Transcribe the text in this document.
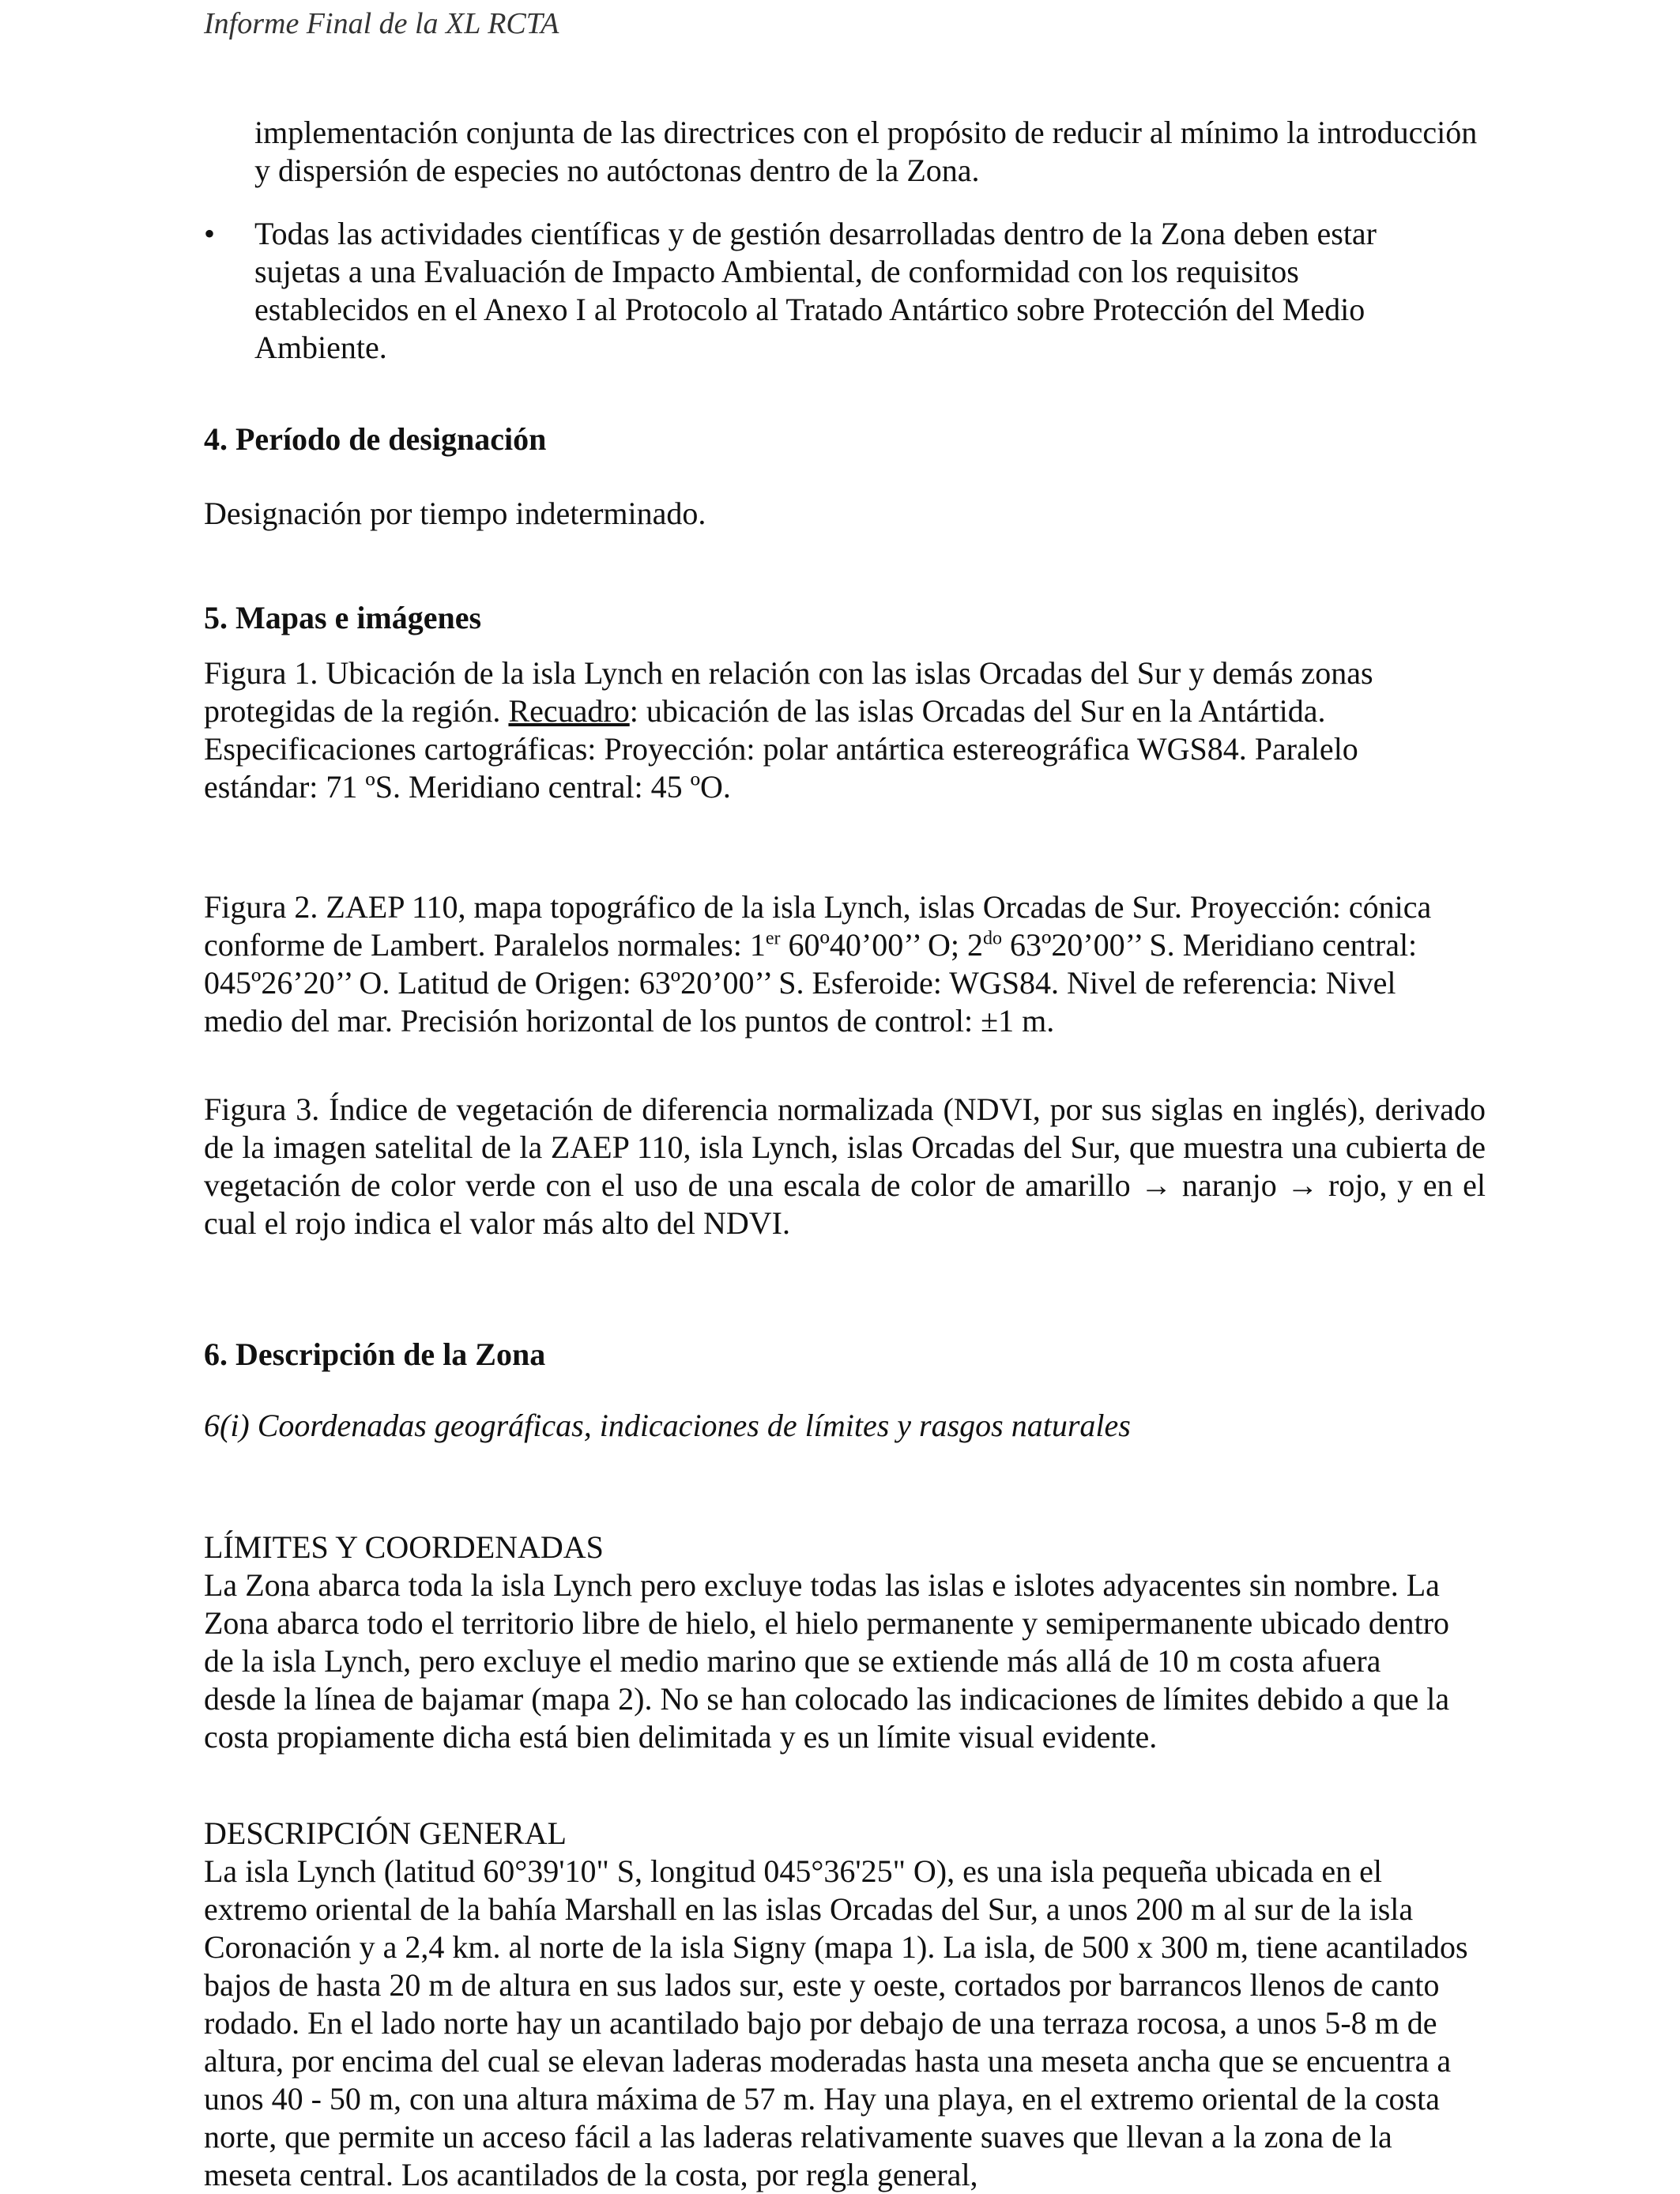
Informe Final de la XL RCTA
implementación conjunta de las directrices con el propósito de reducir al mínimo la introducción y dispersión de especies no autóctonas dentro de la Zona.
• Todas las actividades científicas y de gestión desarrolladas dentro de la Zona deben estar sujetas a una Evaluación de Impacto Ambiental, de conformidad con los requisitos establecidos en el Anexo I al Protocolo al Tratado Antártico sobre Protección del Medio Ambiente.
4. Período de designación
Designación por tiempo indeterminado.
5. Mapas e imágenes
Figura 1. Ubicación de la isla Lynch en relación con las islas Orcadas del Sur y demás zonas protegidas de la región. Recuadro: ubicación de las islas Orcadas del Sur en la Antártida. Especificaciones cartográficas: Proyección: polar antártica estereográfica WGS84. Paralelo estándar: 71 ºS. Meridiano central: 45 ºO.
Figura 2. ZAEP 110, mapa topográfico de la isla Lynch, islas Orcadas de Sur. Proyección: cónica conforme de Lambert. Paralelos normales: 1er 60º40’00’’ O; $2^{do}$ 63º20’00’’ S. Meridiano central: 045º26’20’’ O. Latitud de Origen: 63º20’00’’ S. Esferoide: WGS84. Nivel de referencia: Nivel medio del mar. Precisión horizontal de los puntos de control: ±1 m.
Figura 3. Índice de vegetación de diferencia normalizada (NDVI, por sus siglas en inglés), derivado de la imagen satelital de la ZAEP 110, isla Lynch, islas Orcadas del Sur, que muestra una cubierta de vegetación de color verde con el uso de una escala de color de amarillo → naranjo → rojo, y en el cual el rojo indica el valor más alto del NDVI.
6. Descripción de la Zona
6(i) Coordenadas geográficas, indicaciones de límites y rasgos naturales
LÍMITES Y COORDENADAS
La Zona abarca toda la isla Lynch pero excluye todas las islas e islotes adyacentes sin nombre. La Zona abarca todo el territorio libre de hielo, el hielo permanente y semipermanente ubicado dentro de la isla Lynch, pero excluye el medio marino que se extiende más allá de 10 m costa afuera desde la línea de bajamar (mapa 2). No se han colocado las indicaciones de límites debido a que la costa propiamente dicha está bien delimitada y es un límite visual evidente.
DESCRIPCIÓN GENERAL
La isla Lynch (latitud 60°39'10" S, longitud 045°36'25" O), es una isla pequeña ubicada en el extremo oriental de la bahía Marshall en las islas Orcadas del Sur, a unos 200 m al sur de la isla Coronación y a 2,4 km. al norte de la isla Signy (mapa 1). La isla, de 500 x 300 m, tiene acantilados bajos de hasta 20 m de altura en sus lados sur, este y oeste, cortados por barrancos llenos de canto rodado. En el lado norte hay un acantilado bajo por debajo de una terraza rocosa, a unos 5-8 m de altura, por encima del cual se elevan laderas moderadas hasta una meseta ancha que se encuentra a unos 40 - 50 m, con una altura máxima de 57 m. Hay una playa, en el extremo oriental de la costa norte, que permite un acceso fácil a las laderas relativamente suaves que llevan a la zona de la meseta central. Los acantilados de la costa, por regla general,
